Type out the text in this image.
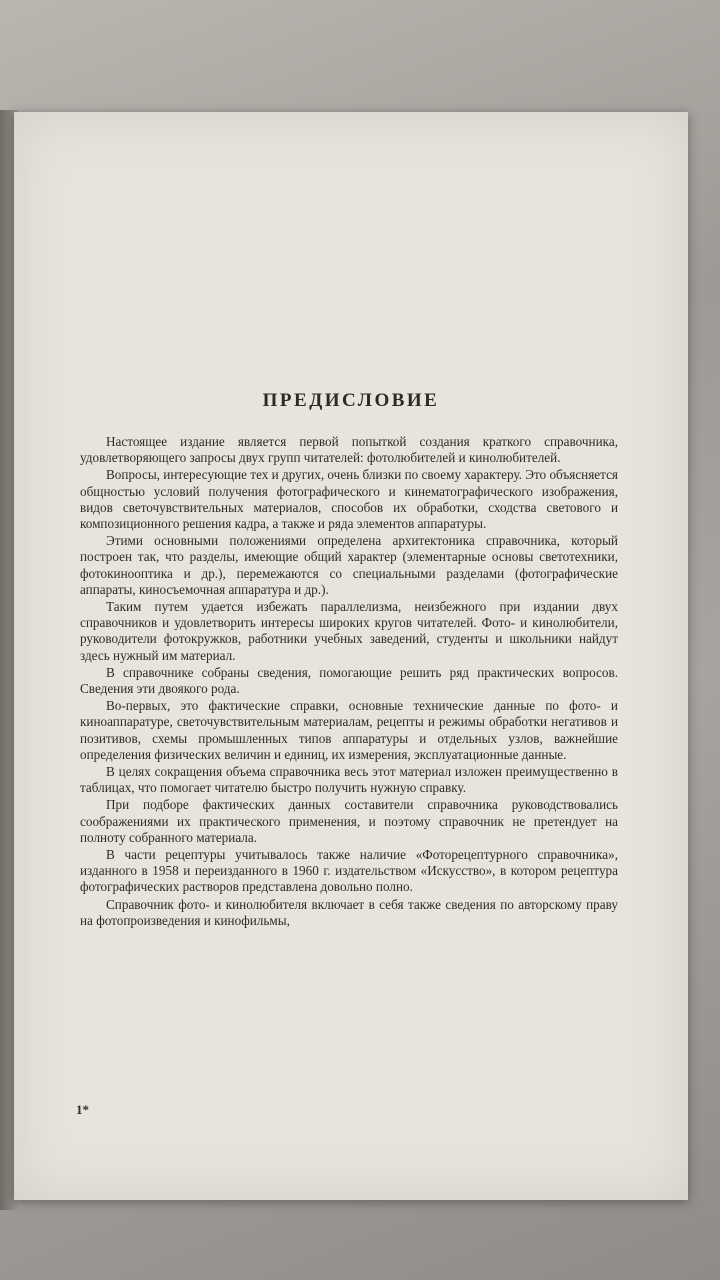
ПРЕДИСЛОВИЕ

Настоящее издание является первой попыткой создания краткого справочника, удовлетворяющего запросы двух групп читателей: фотолюбителей и кинолюбителей.

Вопросы, интересующие тех и других, очень близки по своему характеру. Это объясняется общностью условий получения фотографического и кинематографического изображения, видов светочувствительных материалов, способов их обработки, сходства светового и композиционного решения кадра, а также и ряда элементов аппаратуры.

Этими основными положениями определена архитектоника справочника, который построен так, что разделы, имеющие общий характер (элементарные основы светотехники, фотокинооптика и др.), перемежаются со специальными разделами (фотографические аппараты, киносъемочная аппаратура и др.).

Таким путем удается избежать параллелизма, неизбежного при издании двух справочников и удовлетворить интересы широких кругов читателей. Фото- и кинолюбители, руководители фотокружков, работники учебных заведений, студенты и школьники найдут здесь нужный им материал.

В справочнике собраны сведения, помогающие решить ряд практических вопросов. Сведения эти двоякого рода.

Во-первых, это фактические справки, основные технические данные по фото- и киноаппаратуре, светочувствительным материалам, рецепты и режимы обработки негативов и позитивов, схемы промышленных типов аппаратуры и отдельных узлов, важнейшие определения физических величин и единиц, их измерения, эксплуатационные данные.

В целях сокращения объема справочника весь этот материал изложен преимущественно в таблицах, что помогает читателю быстро получить нужную справку.

При подборе фактических данных составители справочника руководствовались соображениями их практического применения, и поэтому справочник не претендует на полноту собранного материала.

В части рецептуры учитывалось также наличие «Фоторецептурного справочника», изданного в 1958 и переизданного в 1960 г. издательством «Искусство», в котором рецептура фотографических растворов представлена довольно полно.

Справочник фото- и кинолюбителя включает в себя также сведения по авторскому праву на фотопроизведения и кинофильмы,

1*
